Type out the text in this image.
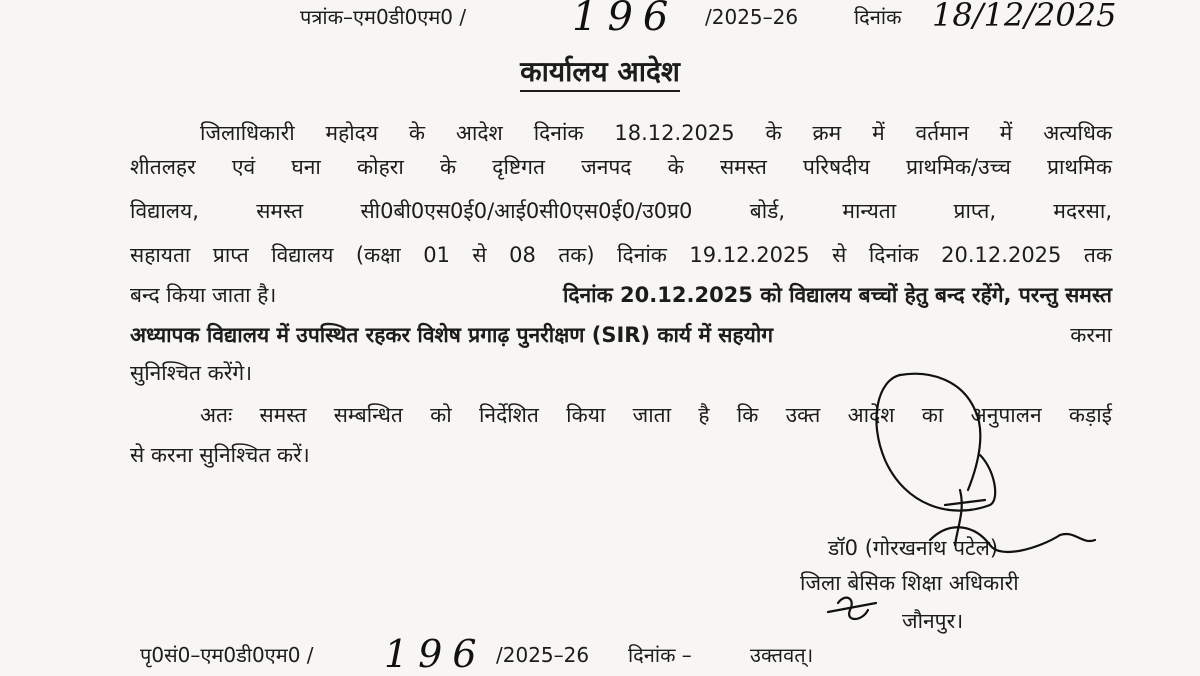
पत्रांक–एम0डी0एम0 /	196 /2025–26	दिनांक 18/12/2025
कार्यालय आदेश
जिलाधिकारी महोदय के आदेश दिनांक 18.12.2025 के क्रम में वर्तमान में अत्यधिक
शीतलहर एवं घना कोहरा के दृष्टिगत जनपद के समस्त परिषदीय प्राथमिक/उच्च प्राथमिक
विद्यालय, समस्त सी0बी0एस0ई0/आई0सी0एस0ई0/उ0प्र0 बोर्ड, मान्यता प्राप्त, मदरसा,
सहायता प्राप्त विद्यालय (कक्षा 01 से 08 तक) दिनांक 19.12.2025 से दिनांक 20.12.2025 तक
बन्द किया जाता है।	दिनांक 20.12.2025 को विद्यालय बच्चों हेतु बन्द रहेंगे, परन्तु समस्त
अध्यापक विद्यालय में उपस्थित रहकर विशेष प्रगाढ़ पुनरीक्षण (SIR) कार्य में सहयोग	करना
सुनिश्चित करेंगे।
अतः समस्त सम्बन्धित को निर्देशित किया जाता है कि उक्त आदेश का अनुपालन कड़ाई
से करना सुनिश्चित करें।
डॉ0 (गोरखनाथ पटेल)
जिला बेसिक शिक्षा अधिकारी
जौनपुर।
पृ0सं0–एम0डी0एम0 / 196 /2025–26 दिनांक –	उक्तवत्।
